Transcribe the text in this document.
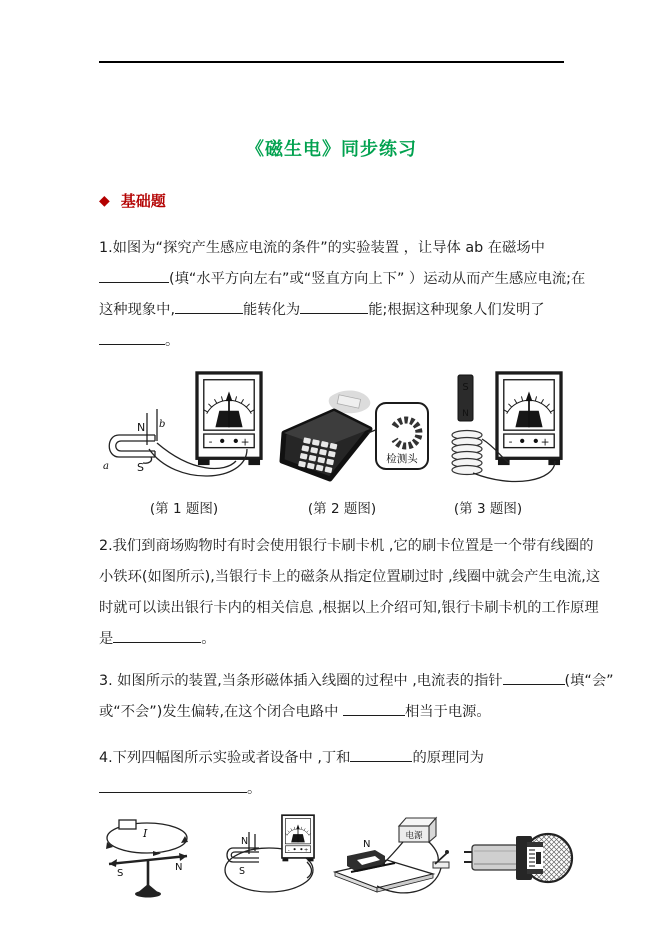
《磁生电》同步练习
◆ 基础题

1.如图为“探究产生感应电流的条件”的实验装置 ，让导体 ab 在磁场中
(填“水平方向左右”或“竖直方向上下” ）运动从而产生感应电流;在
这种现象中,	能转化为	能;根据这种现象人们发明了
。

N
S
b
a
检测头
S
N
(第 1 题图)	(第 2 题图)	(第 3 题图)

2.我们到商场购物时有时会使用银行卡刷卡机 ,它的刷卡位置是一个带有线圈的
小铁环(如图所示),当银行卡上的磁条从指定位置刷过时 ,线圈中就会产生电流,这
时就可以读出银行卡内的相关信息 ,根据以上介绍可知,银行卡刷卡机的工作原理
是	。

3. 如图所示的装置,当条形磁体插入线圈的过程中 ,电流表的指针	(填“会”
或“不会”)发生偏转,在这个闭合电路中	相当于电源。

4.下列四幅图所示实验或者设备中 ,丁和	的原理同为
。

I
S
N
N
S
电源
N
